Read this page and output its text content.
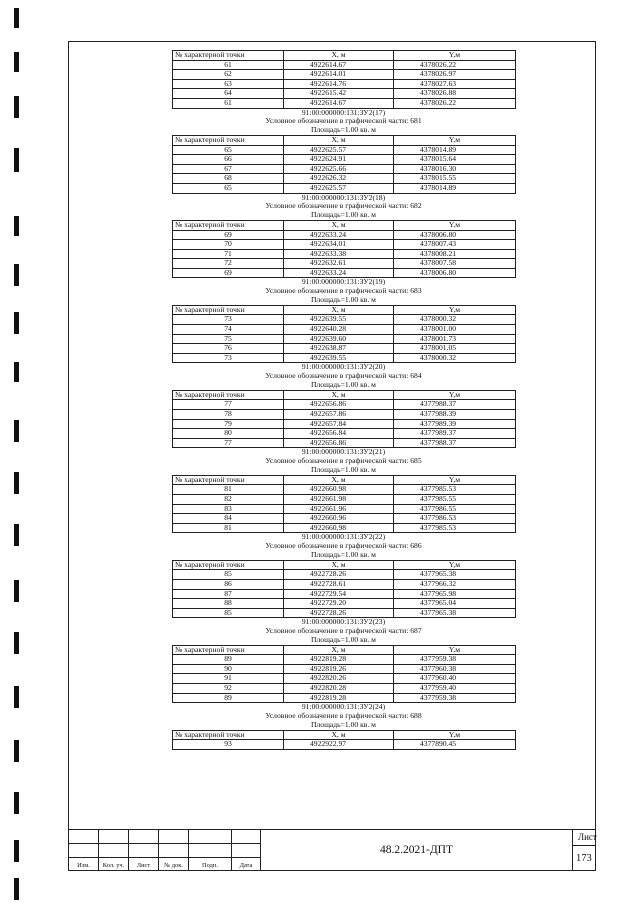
№ характерной точки	X, м	Y,м
61	4922614.67	4378026.22
62	4922614.01	4378026.97
63	4922614.76	4378027.63
64	4922615.42	4378026.88
61	4922614.67	4378026.22
91:00:000000:131:ЗУ2(17)
Условное обозначение в графической части: 681
Площадь=1.00 кв. м
№ характерной точки	X, м	Y,м
65	4922625.57	4378014.89
66	4922624.91	4378015.64
67	4922625.66	4378016.30
68	4922626.32	4378015.55
65	4922625.57	4378014.89
91:00:000000:131:ЗУ2(18)
Условное обозначение в графической части: 682
Площадь=1.00 кв. м
№ характерной точки	X, м	Y,м
69	4922633.24	4378006.80
70	4922634.01	4378007.43
71	4922633.38	4378008.21
72	4922632.61	4378007.58
69	4922633.24	4378006.80
91:00:000000:131:ЗУ2(19)
Условное обозначение в графической части: 683
Площадь=1.00 кв. м
№ характерной точки	X, м	Y,м
73	4922639.55	4378000.32
74	4922640.28	4378001.00
75	4922639.60	4378001.73
76	4922638.87	4378001.05
73	4922639.55	4378000.32
91:00:000000:131:ЗУ2(20)
Условное обозначение в графической части: 684
Площадь=1.00 кв. м
№ характерной точки	X, м	Y,м
77	4922656.86	4377988.37
78	4922657.86	4377988.39
79	4922657.84	4377989.39
80	4922656.84	4377989.37
77	4922656.86	4377988.37
91:00:000000:131:ЗУ2(21)
Условное обозначение в графической части: 685
Площадь=1.00 кв. м
№ характерной точки	X, м	Y,м
81	4922660.98	4377985.53
82	4922661.98	4377985.55
83	4922661.96	4377986.55
84	4922660.96	4377986.53
81	4922660.98	4377985.53
91:00:000000:131:ЗУ2(22)
Условное обозначение в графической части: 686
Площадь=1.00 кв. м
№ характерной точки	X, м	Y,м
85	4922728.26	4377965.38
86	4922728.61	4377966.32
87	4922729.54	4377965.98
88	4922729.20	4377965.04
85	4922728.26	4377965.38
91:00:000000:131:ЗУ2(23)
Условное обозначение в графической части: 687
Площадь=1.00 кв. м
№ характерной точки	X, м	Y,м
89	4922819.28	4377959.38
90	4922819.26	4377960.38
91	4922820.26	4377960.40
92	4922820.28	4377959.40
89	4922819.28	4377959.38
91:00:000000:131:ЗУ2(24)
Условное обозначение в графической части: 688
Площадь=1.00 кв. м
№ характерной точки	X, м	Y,м
93	4922922.97	4377890.45
Изм.	Кол. уч.	Лист	№ док.	Подп.	Дата
48.2.2021-ДПТ
Лист
173
